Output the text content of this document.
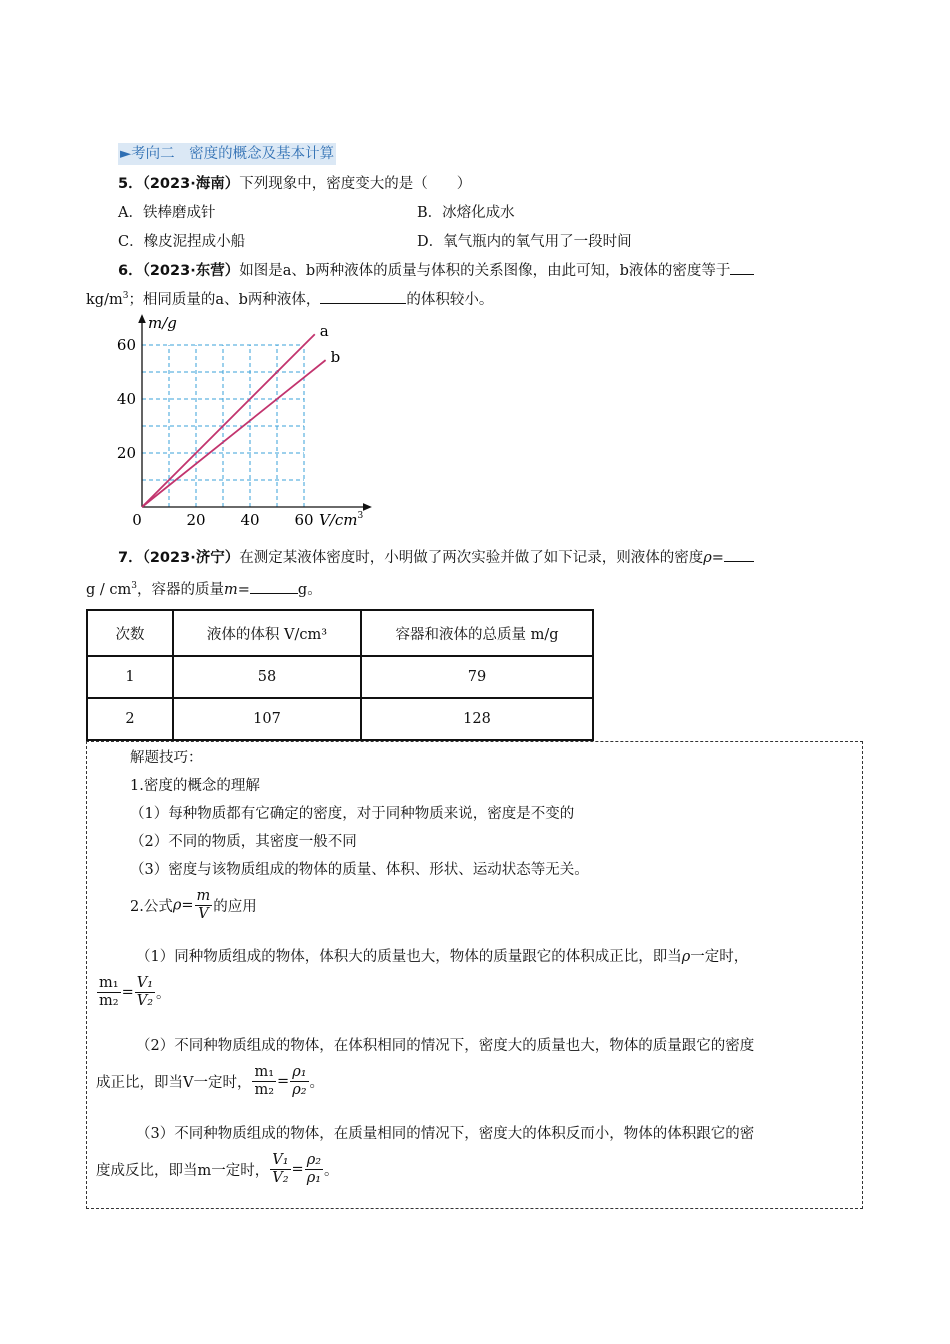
►考向二　密度的概念及基本计算
5．（2023·海南）下列现象中，密度变大的是（　　）
A．铁棒磨成针	B．冰熔化成水
C．橡皮泥捏成小船	D．氧气瓶内的氧气用了一段时间
6．（2023·东营）如图是a、b两种液体的质量与体积的关系图像，由此可知，b液体的密度等于
$kg/m^3$；相同质量的a、b两种液体，	的体积较小。
a
b
20 40 60
20
40
60
m/g
$V/cm^3$
0
7．（2023·济宁）在测定某液体密度时，小明做了两次实验并做了如下记录，则液体的密度ρ=
g / $cm^3$，容器的质量m=	g。
次数	液体的体积 V/cm³	容器和液体的总质量 m/g
1	58	79
2	107	128
解题技巧：
1.密度的概念的理解
（1）每种物质都有它确定的密度，对于同种物质来说，密度是不变的
（2）不同的物质，其密度一般不同
（3）密度与该物质组成的物体的质量、体积、形状、运动状态等无关。
2.公式$\rho= \frac{m}{V}$ 的应用
（1）同种物质组成的物体，体积大的质量也大，物体的质量跟它的体积成正比，即当ρ一定时，
$\frac{\text{m₁}}{\text{m₂}} = \frac{\text{V₁}}{\text{V₂}}$ 。
（2）不同种物质组成的物体，在体积相同的情况下，密度大的质量也大，物体的质量跟它的密度
成正比，即当V一定时， $\frac{\text{m₁}}{\text{m₂}} = \frac{\text{ρ₁}}{\text{ρ₂}}$ 。
（3）不同种物质组成的物体，在质量相同的情况下，密度大的体积反而小，物体的体积跟它的密
度成反比，即当m一定时， $\frac{\text{V₁}}{\text{V₂}} = \frac{\text{ρ₂}}{\text{ρ₁}}$ 。
